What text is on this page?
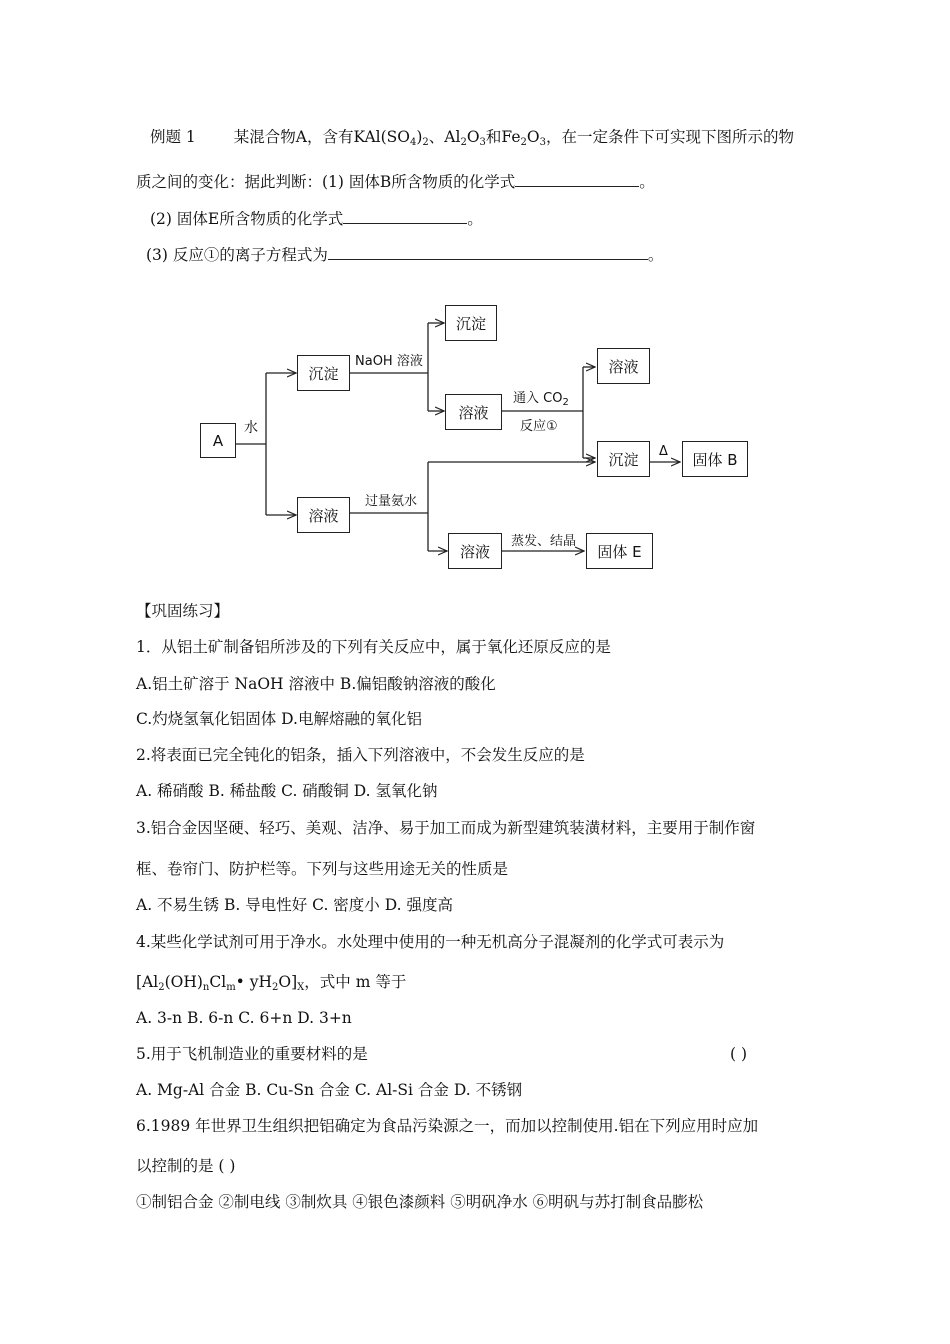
例题 1 某混合物A，含有$KAl(SO_4)_2$、$Al_2O_3$和$Fe_2O_3$，在一定条件下可实现下图所示的物
质之间的变化：据此判断：(1) 固体B所含物质的化学式	。
(2) 固体E所含物质的化学式	。
(3) 反应①的离子方程式为	。
A
沉淀
溶液
沉淀
溶液
溶液
沉淀	固体 B
溶液	固体 E
水
NaOH 溶液
通入 $CO_2$
反应①
Δ
过量氨水
蒸发、结晶
【巩固练习】
1．从铝土矿制备铝所涉及的下列有关反应中，属于氧化还原反应的是
A.铝土矿溶于 NaOH 溶液中 B.偏铝酸钠溶液的酸化
C.灼烧氢氧化铝固体 D.电解熔融的氧化铝
2.将表面已完全钝化的铝条，插入下列溶液中，不会发生反应的是
A. 稀硝酸 B. 稀盐酸 C. 硝酸铜 D. 氢氧化钠
3.铝合金因坚硬、轻巧、美观、洁净、易于加工而成为新型建筑装潢材料，主要用于制作窗
框、卷帘门、防护栏等。下列与这些用途无关的性质是
A. 不易生锈 B. 导电性好 C. 密度小 D. 强度高
4.某些化学试剂可用于净水。水处理中使用的一种无机高分子混凝剂的化学式可表示为
[$Al_2(OH)_nCl_m•$ $yH_2O]_X$，式中 m 等于
A. 3-n B. 6-n C. 6+n D. 3+n
5.用于飞机制造业的重要材料的是	( )
A. Mg-Al 合金 B. Cu-Sn 合金 C. Al-Si 合金 D. 不锈钢
6.1989 年世界卫生组织把铝确定为食品污染源之一，而加以控制使用.铝在下列应用时应加
以控制的是 ( )
①制铝合金 ②制电线 ③制炊具 ④银色漆颜料 ⑤明矾净水 ⑥明矾与苏打制食品膨松
